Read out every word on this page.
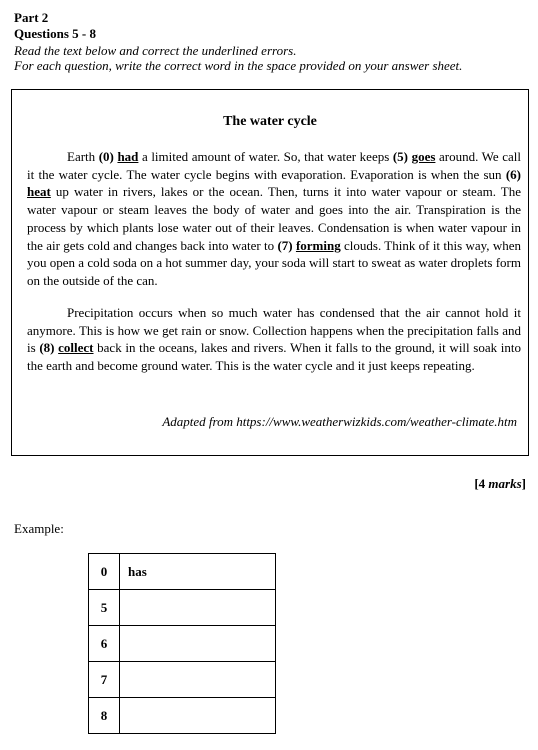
Part 2
Questions 5 - 8
Read the text below and correct the underlined errors.
For each question, write the correct word in the space provided on your answer sheet.
The water cycle

Earth (0) had a limited amount of water. So, that water keeps (5) goes around. We call it the water cycle. The water cycle begins with evaporation. Evaporation is when the sun (6) heat up water in rivers, lakes or the ocean. Then, turns it into water vapour or steam. The water vapour or steam leaves the body of water and goes into the air. Transpiration is the process by which plants lose water out of their leaves. Condensation is when water vapour in the air gets cold and changes back into water to (7) forming clouds. Think of it this way, when you open a cold soda on a hot summer day, your soda will start to sweat as water droplets form on the outside of the can.

Precipitation occurs when so much water has condensed that the air cannot hold it anymore. This is how we get rain or snow. Collection happens when the precipitation falls and is (8) collect back in the oceans, lakes and rivers. When it falls to the ground, it will soak into the earth and become ground water. This is the water cycle and it just keeps repeating.

Adapted from https://www.weatherwizkids.com/weather-climate.htm
[4 marks]
Example:
0	has
5	
6	
7	
8	
